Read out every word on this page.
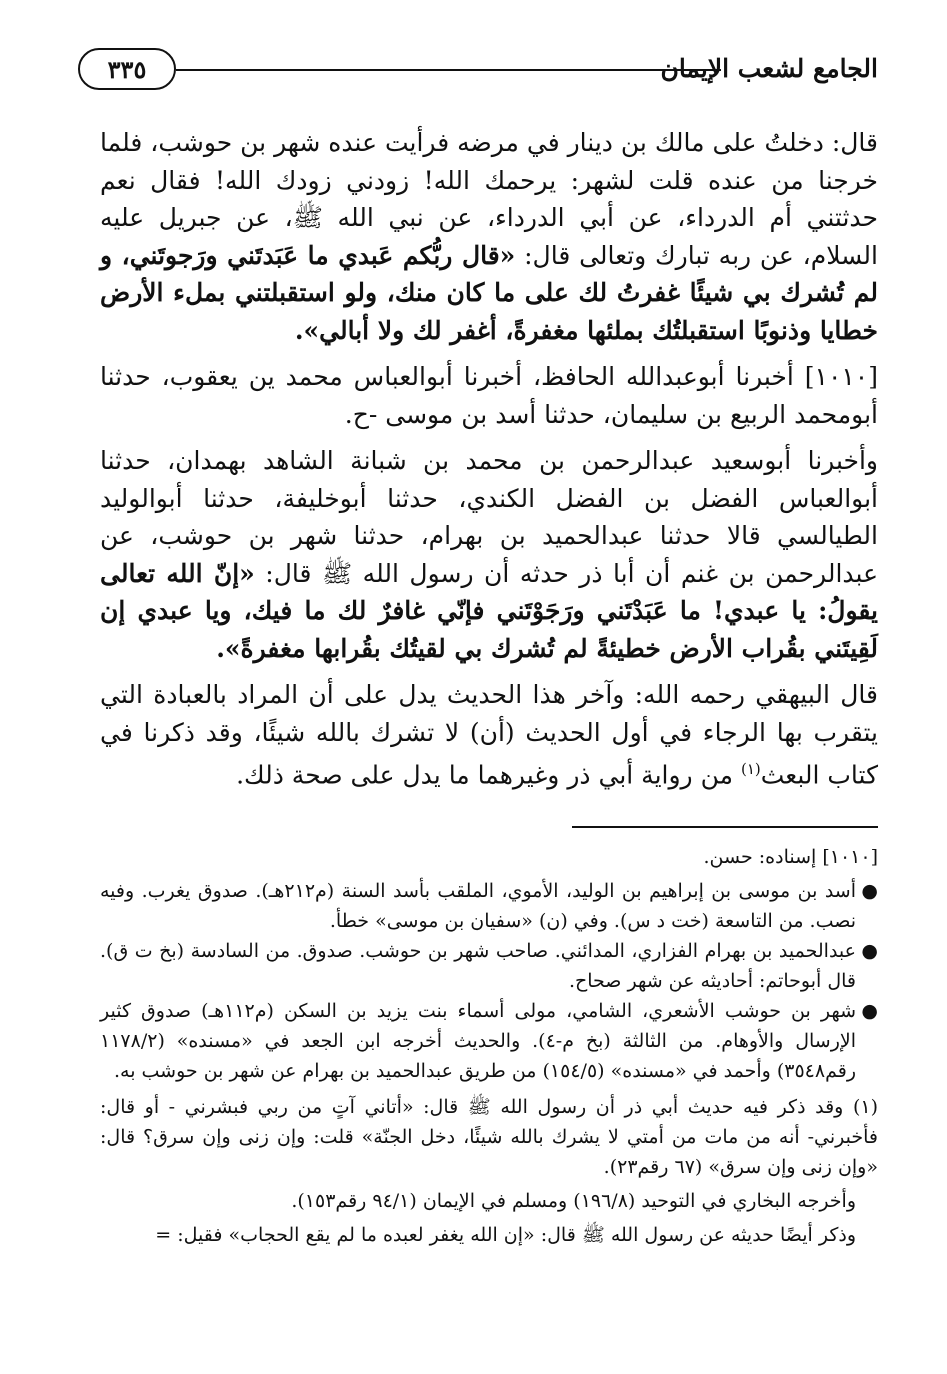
٣٣٥	الجامع لشعب الإيمان

قال: دخلتُ على مالك بن دينار في مرضه فرأيت عنده شهر بن حوشب، فلما خرجنا من عنده قلت لشهر: يرحمك الله! زودني زودك الله! فقال نعم حدثتني أم الدرداء، عن أبي الدرداء، عن نبي الله ﷺ، عن جبريل عليه السلام، عن ربه تبارك وتعالى قال: «قال ربُّكم عَبدي ما عَبَدتَني ورَجوتَني، و لم تُشرك بي شيئًا غفرتُ لك على ما كان منك، ولو استقبلتني بملء الأرض خطايا وذنوبًا استقبلتُك بملئها مغفرةً، أغفر لك ولا أبالي».

[١٠١٠] أخبرنا أبوعبدالله الحافظ، أخبرنا أبوالعباس محمد ين يعقوب، حدثنا أبومحمد الربيع بن سليمان، حدثنا أسد بن موسى -ح.

وأخبرنا أبوسعيد عبدالرحمن بن محمد بن شبانة الشاهد بهمدان، حدثنا أبوالعباس الفضل بن الفضل الكندي، حدثنا أبوخليفة، حدثنا أبوالوليد الطيالسي قالا حدثنا عبدالحميد بن بهرام، حدثنا شهر بن حوشب، عن عبدالرحمن بن غنم أن أبا ذر حدثه أن رسول الله ﷺ قال: «إنّ الله تعالى يقولُ: يا عبدي! ما عَبَدْتَني ورَجَوْتَني فإنّي غافرٌ لك ما فيك، ويا عبدي إن لَقِيتَني بقُراب الأرض خطيئةً لم تُشرك بي لقيتُك بقُرابها مغفرةً».

قال البيهقي رحمه الله: وآخر هذا الحديث يدل على أن المراد بالعبادة التي يتقرب بها الرجاء في أول الحديث (أن) لا تشرك بالله شيئًا، وقد ذكرنا في كتاب البعث$^{(١)}$ من رواية أبي ذر وغيرهما ما يدل على صحة ذلك.

[١٠١٠] إسناده: حسن.

●
أسد بن موسى بن إبراهيم بن الوليد، الأموي، الملقب بأسد السنة (م٢١٢هـ). صدوق يغرب. وفيه نصب. من التاسعة (خت د س). وفي (ن) «سفيان بن موسى» خطأ.

●
عبدالحميد بن بهرام الفزاري، المدائني. صاحب شهر بن حوشب. صدوق. من السادسة (بخ ت ق). قال أبوحاتم: أحاديثه عن شهر صحاح.

●
شهر بن حوشب الأشعري، الشامي، مولى أسماء بنت يزيد بن السكن (م١١٢هـ) صدوق كثير الإرسال والأوهام. من الثالثة (بخ م-٤). والحديث أخرجه ابن الجعد في «مسنده» (١١٧٨/٢ رقم٣٥٤٨) وأحمد في «مسنده» (١٥٤/٥) من طريق عبدالحميد بن بهرام عن شهر بن حوشب به.

(١) وقد ذكر فيه حديث أبي ذر أن رسول الله ﷺ قال: «أتاني آتٍ من ربي فبشرني - أو قال: فأخبرني- أنه من مات من أمتي لا يشرك بالله شيئًا، دخل الجنّة» قلت: وإن زنى وإن سرق؟ قال: «وإن زنى وإن سرق» (٦٧ رقم٢٣).

وأخرجه البخاري في التوحيد (١٩٦/٨) ومسلم في الإيمان (٩٤/١ رقم١٥٣).

وذكر أيضًا حديثه عن رسول الله ﷺ قال: «إن الله يغفر لعبده ما لم يقع الحجاب» فقيل: =
